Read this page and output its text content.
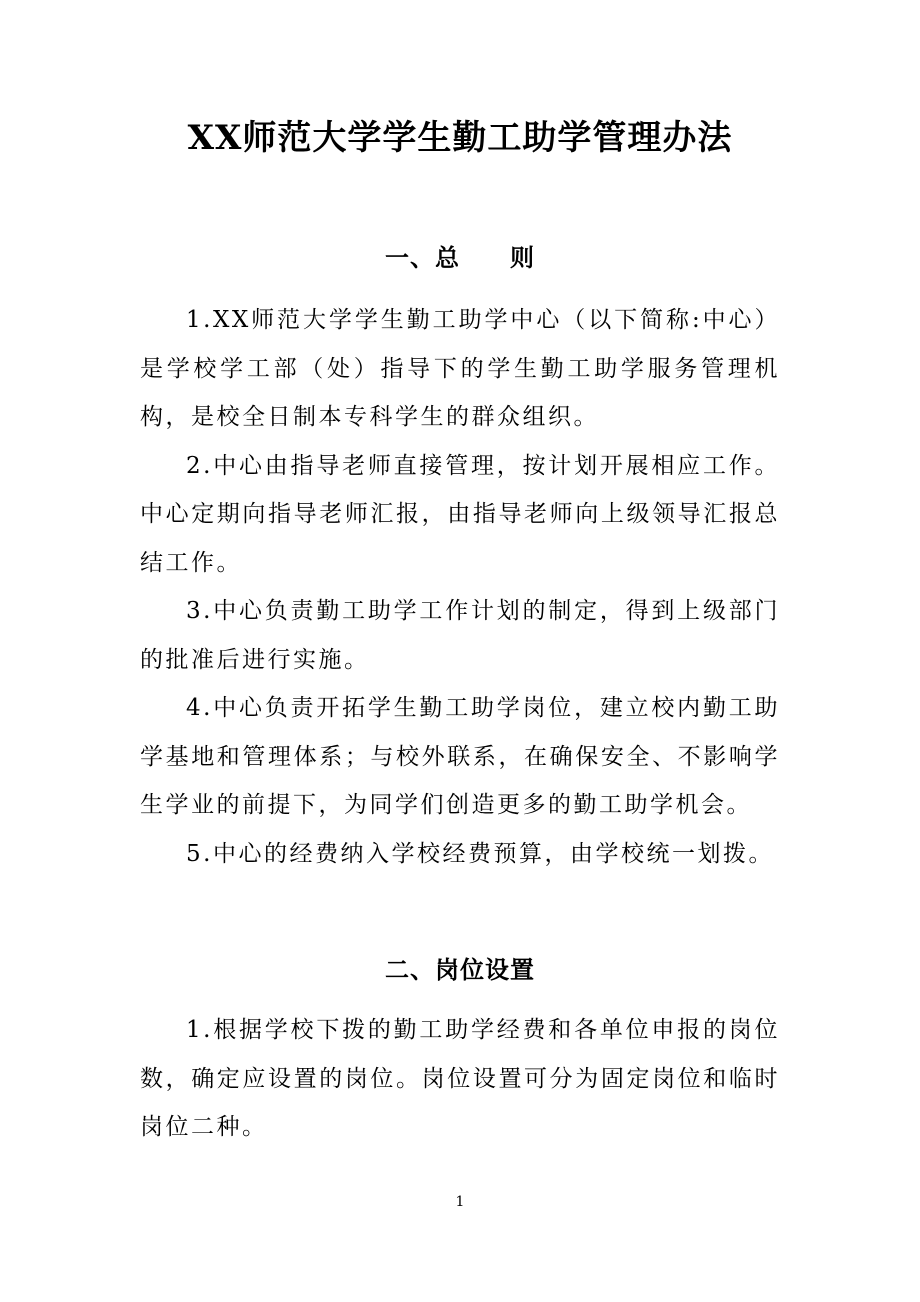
XX师范大学学生勤工助学管理办法
一、总　　则

1.XX师范大学学生勤工助学中心（以下简称:中心）是学校学工部（处）指导下的学生勤工助学服务管理机构，是校全日制本专科学生的群众组织。

2.中心由指导老师直接管理，按计划开展相应工作。中心定期向指导老师汇报，由指导老师向上级领导汇报总结工作。

3.中心负责勤工助学工作计划的制定，得到上级部门的批准后进行实施。

4.中心负责开拓学生勤工助学岗位，建立校内勤工助学基地和管理体系；与校外联系，在确保安全、不影响学生学业的前提下，为同学们创造更多的勤工助学机会。

5.中心的经费纳入学校经费预算，由学校统一划拨。

二、岗位设置

1.根据学校下拨的勤工助学经费和各单位申报的岗位数，确定应设置的岗位。岗位设置可分为固定岗位和临时岗位二种。

1
